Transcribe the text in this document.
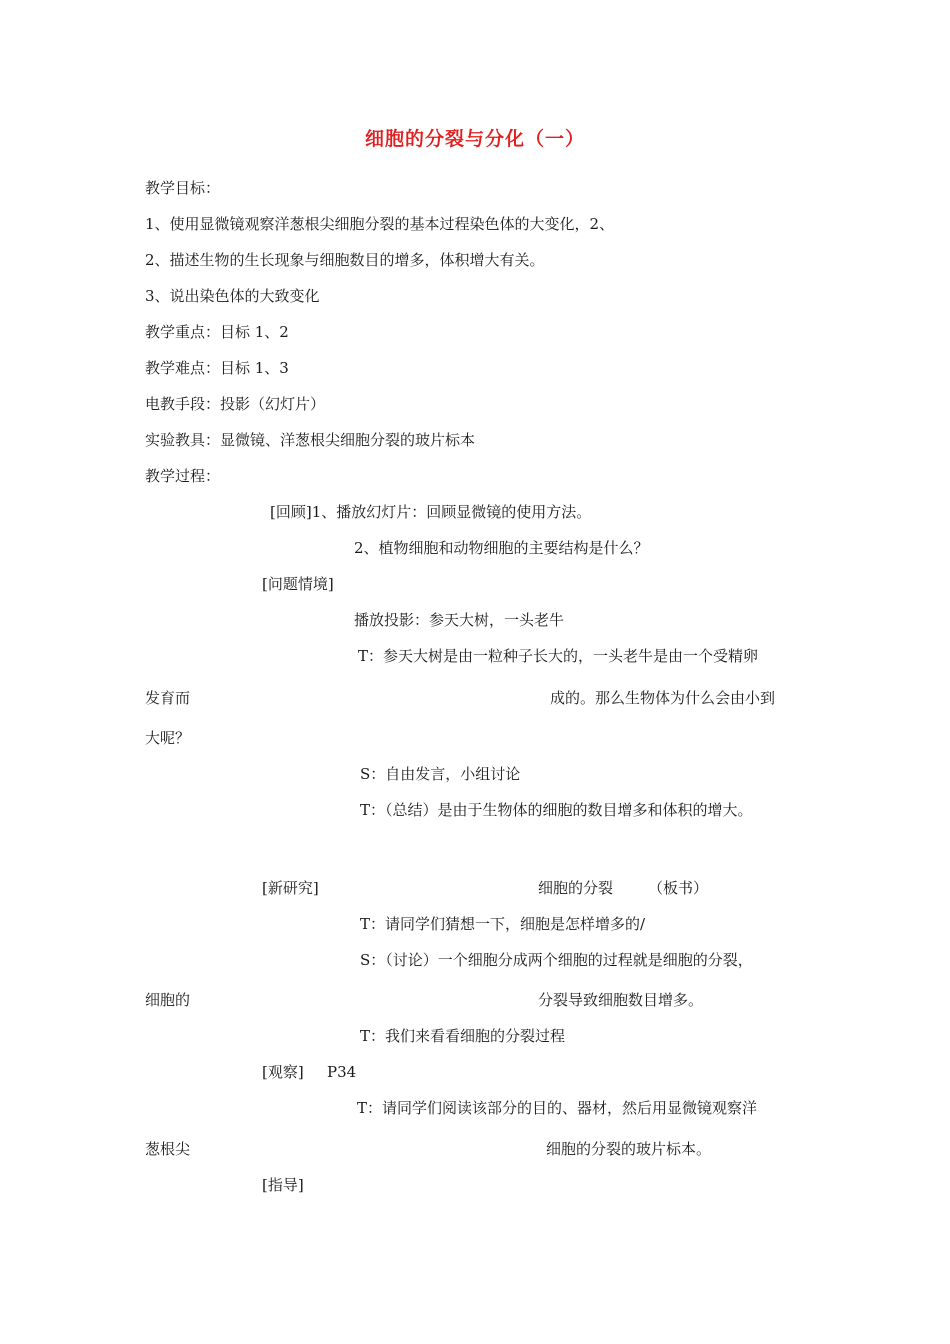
细胞的分裂与分化（一）
教学目标：
1、使用显微镜观察洋葱根尖细胞分裂的基本过程染色体的大变化，2、
2、描述生物的生长现象与细胞数目的增多，体积增大有关。
3、说出染色体的大致变化
教学重点：目标 1、2
教学难点：目标 1、3
电教手段：投影（幻灯片）
实验教具：显微镜、洋葱根尖细胞分裂的玻片标本
教学过程：
[回顾]1、播放幻灯片：回顾显微镜的使用方法。
2、植物细胞和动物细胞的主要结构是什么？
[问题情境]
播放投影：参天大树，一头老牛
T：参天大树是由一粒种子长大的，一头老牛是由一个受精卵
发育而	成的。那么生物体为什么会由小到
大呢？
S：自由发言，小组讨论
T：（总结）是由于生物体的细胞的数目增多和体积的增大。
[新研究]	细胞的分裂 （板书）
T：请同学们猜想一下，细胞是怎样增多的/
S：（讨论）一个细胞分成两个细胞的过程就是细胞的分裂，
细胞的	分裂导致细胞数目增多。
T：我们来看看细胞的分裂过程
[观察] P34
T：请同学们阅读该部分的目的、器材，然后用显微镜观察洋
葱根尖	细胞的分裂的玻片标本。
[指导]
